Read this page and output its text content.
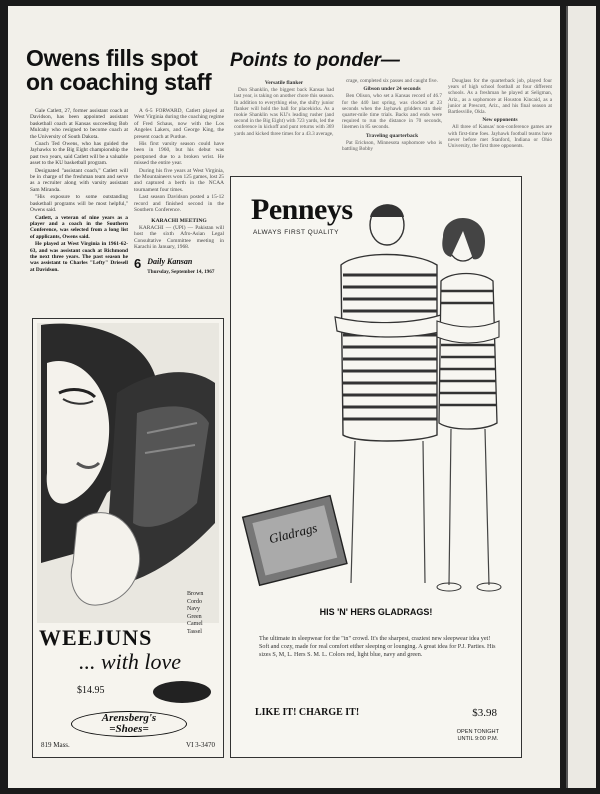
Owens fills spot on coaching staff

Gale Catlett, 27, former assistant coach at Davidson, has been appointed assistant basketball coach at Kansas succeeding Bob Mulcahy who resigned to become coach at the University of South Dakota.

Coach Ted Owens, who has guided the Jayhawks to the Big Eight championship the past two years, said Catlett will be a valuable asset to the KU basketball program.

Designated "assistant coach," Catlett will be in charge of the freshman team and serve as a recruiter along with varsity assistant Sam Miranda.

"His exposure to some outstanding basketball programs will be most helpful," Owens said.

Catlett, a veteran of nine years as a player and a coach in the Southern Conference, was selected from a long list of applicants, Owens said.

He played at West Virginia in 1961-62-63, and was assistant coach at Richmond the next three years. The past season he was assistant to Charles "Lefty" Driesell at Davidson.

A 6-5 FORWARD, Catlett played at West Virginia during the coaching regime of Fred Schaus, now with the Los Angeles Lakers, and George King, the present coach at Purdue.

His first varsity season could have been in 1960, but his debut was postponed due to a broken wrist. He missed the entire year.

During his five years at West Virginia, the Mountaineers won 125 games, lost 25 and captured a berth in the NCAA tournament four times.

Last season Davidson posted a 15-12 record and finished second in the Southern Conference.

KARACHI MEETING

KARACHI — (UPI) — Pakistan will host the sixth Afro-Asian Legal Consultative Committee meeting in Karachi in January, 1968.

6 Daily Kansan
Thursday, September 14, 1967
Points to ponder—
Versatile flanker

Don Shanklin, the biggest back Kansas had last year, is taking on another chore this season. In addition to everything else, the shifty junior flanker will hold the ball for placekicks. As a rookie Shanklin was KU's leading rusher (and second in the Big Eight) with 723 yards, led the conference in kickoff and punt returns with 369 yards and kicked three times for a 43.3 average,

crage, completed six passes and caught five.

Gibson under 24 seconds

Ben Olison, who set a Kansas record of 46.7 for the 440 last spring, was clocked at 23 seconds when the Jayhawk gridders ran their quarter-mile time trials. Backs and ends were required to run the distance in 70 seconds, linemen in 85 seconds.

Traveling quarterback

Pat Erickson, Minnesota sophomore who is battling Bobby

Douglass for the quarterback job, played four years of high school football at four different schools. As a freshman he played at Seligman, Ariz., as a sophomore at Houston Kincaid, as a junior at Prescott, Ariz., and his final season at Bartlesville, Okla.

New opponents

All three of Kansas' non-conference games are with first-time foes. Jayhawk football teams have never before met Stanford, Indiana or Ohio University, the first three opponents.

Brown
Cordo
Navy
Green
Camel
Tassel
WEEJUNS
... with love
$14.95
Arensberg's
=Shoes=
819 Mass.	VI 3-3470
Gladrags
Penneys
ALWAYS FIRST QUALITY
HIS 'N' HERS GLADRAGS!
The ultimate in sleepwear for the "in" crowd. It's the sharpest, craziest new sleepwear idea yet! Soft and cozy, made for real comfort either sleeping or lounging. A great idea for P.J. Parties. His sizes S, M, L. Hers S. M. L. Colors red, light blue, navy and green.
LIKE IT! CHARGE IT!	$3.98
OPEN TONIGHT
UNTIL 9:00 P.M.
